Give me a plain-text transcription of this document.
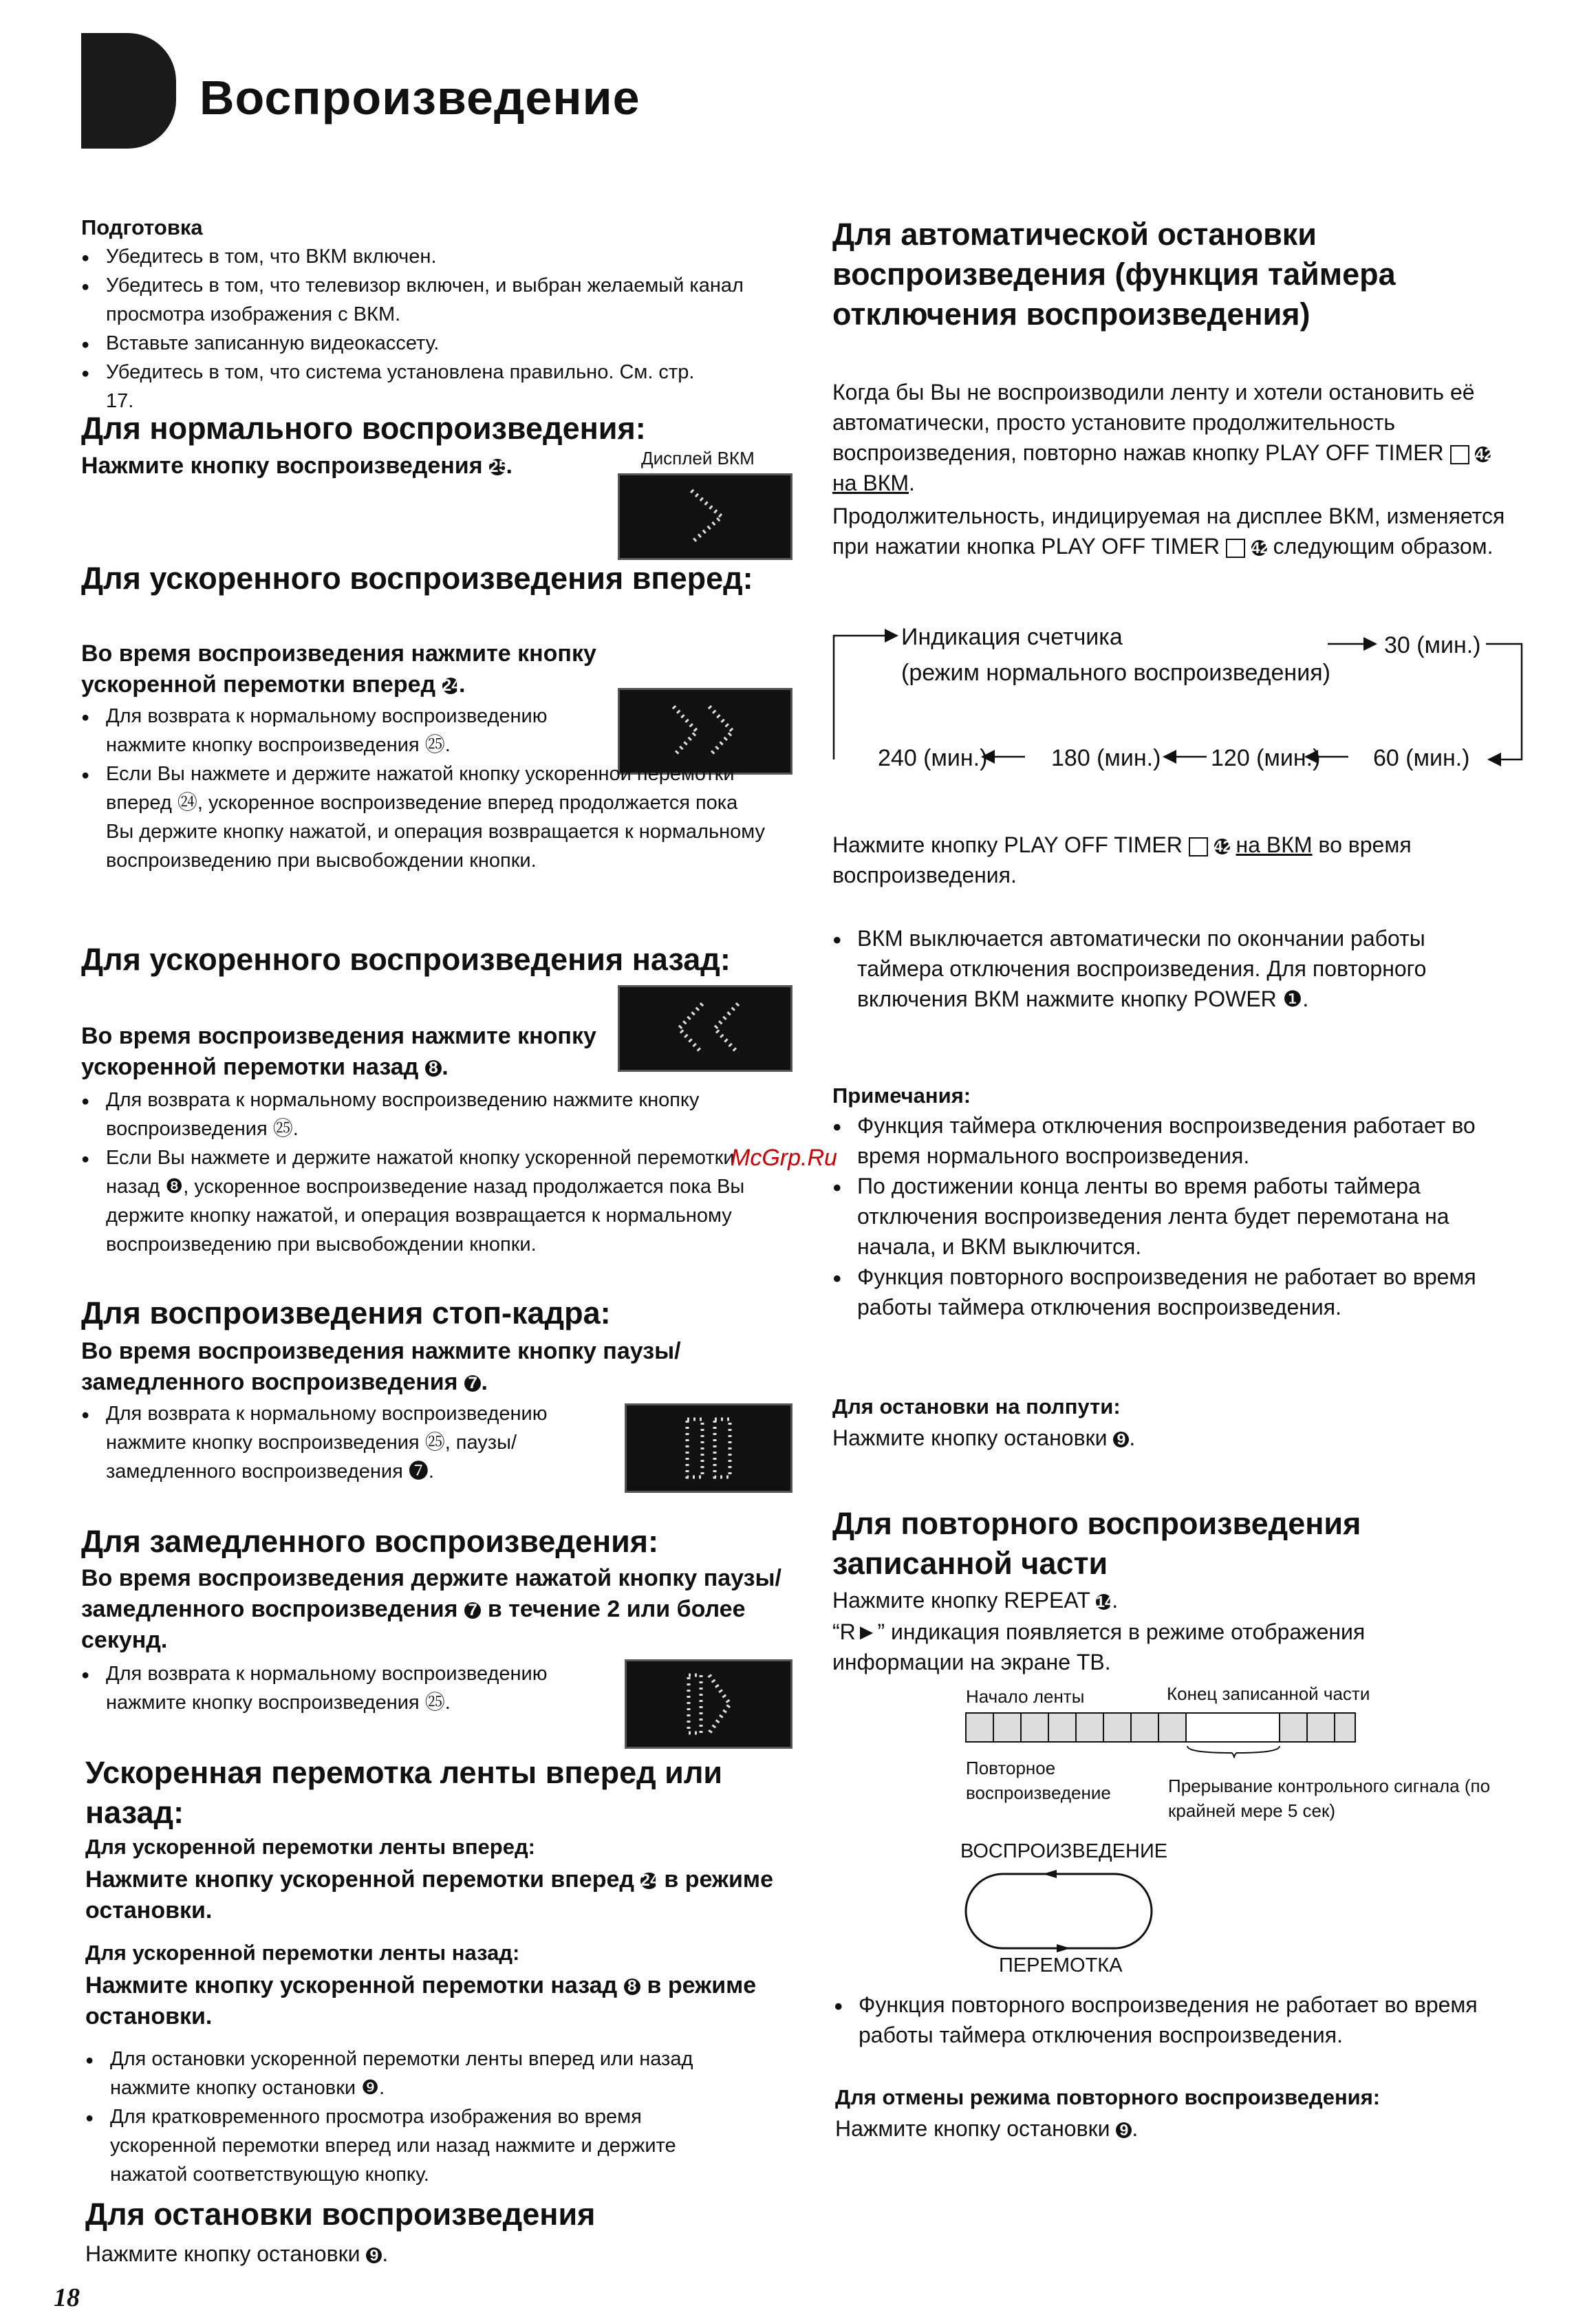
Воспроизведение
Подготовка
● Убедитесь в том, что ВКМ включен.
● Убедитесь в том, что телевизор включен, и выбран желаемый канал просмотра изображения с ВКМ.
● Вставьте записанную видеокассету.
● Убедитесь в том, что система установлена правильно. См. стр. 17.
Для нормального воспроизведения:
Нажмите кнопку воспроизведения 25.	Дисплей ВКМ
Для ускоренного воспроизведения вперед:
Во время воспроизведения нажмите кнопку ускоренной перемотки вперед 24.
● Для возврата к нормальному воспроизведению нажмите кнопку воспроизведения ㉕.
● Если Вы нажмете и держите нажатой кнопку ускоренной перемотки вперед ㉔, ускоренное воспроизведение вперед продолжается пока Вы держите кнопку нажатой, и операция возвращается к нормальному воспроизведению при высвобождении кнопки.
Для ускоренного воспроизведения назад:
Во время воспроизведения нажмите кнопку ускоренной перемотки назад 8 .
● Для возврата к нормальному воспроизведению нажмите кнопку воспроизведения ㉕.
● Если Вы нажмете и держите нажатой кнопку ускоренной перемотки назад ❽, ускоренное воспроизведение назад продолжается пока Вы держите кнопку нажатой, и операция возвращается к нормальному воспроизведению при высвобождении кнопки.
Для воспроизведения стоп-кадра:
Во время воспроизведения нажмите кнопку паузы/замедленного воспроизведения 7 .
● Для возврата к нормальному воспроизведению нажмите кнопку воспроизведения ㉕, паузы/замедленного воспроизведения ❼.
Для замедленного воспроизведения:
Во время воспроизведения держите нажатой кнопку паузы/замедленного воспроизведения 7 в течение 2 или более секунд.
● Для возврата к нормальному воспроизведению нажмите кнопку воспроизведения ㉕.
Ускоренная перемотка ленты вперед или назад:
Для ускоренной перемотки ленты вперед:
Нажмите кнопку ускоренной перемотки вперед 24 в режиме остановки.
Для ускоренной перемотки ленты назад:
Нажмите кнопку ускоренной перемотки назад 8 в режиме остановки.
● Для остановки ускоренной перемотки ленты вперед или назад нажмите кнопку остановки ❾.
● Для кратковременного просмотра изображения во время ускоренной перемотки вперед или назад нажмите и держите нажатой соответствующую кнопку.
Для остановки воспроизведения
Нажмите кнопку остановки 9 .
18
Для автоматической остановки воспроизведения (функция таймера отключения воспроизведения)
Когда бы Вы не воспроизводили ленту и хотели остановить её автоматически, просто установите продолжительность воспроизведения, повторно нажав кнопку PLAY OFF TIMER 42 на ВКМ.
Продолжительность, индицируемая на дисплее ВКМ, изменяется при нажатии кнопка PLAY OFF TIMER 42 следующим образом.
Индикация счетчика
(режим нормального воспроизведения)
30 (мин.)
240 (мин.)	180 (мин.) 120 (мин.) 60 (мин.)
Нажмите кнопку PLAY OFF TIMER 42 на ВКМ во время воспроизведения.
● ВКМ выключается автоматически по окончании работы таймера отключения воспроизведения. Для повторного включения ВКМ нажмите кнопку POWER ❶.
Примечания:
McGrp.Ru
● Функция таймера отключения воспроизведения работает во время нормального воспроизведения.
● По достижении конца ленты во время работы таймера отключения воспроизведения лента будет перемотана на начала, и ВКМ выключится.
● Функция повторного воспроизведения не работает во время работы таймера отключения воспроизведения.
Для остановки на полпути:
Нажмите кнопку остановки 9 .
Для повторного воспроизведения записанной части
Нажмите кнопку REPEAT 14.
“R►” индикация появляется в режиме отображения информации на экране ТВ.
Начало ленты	Конец записанной части
Повторное воспроизведение	Прерывание контрольного сигнала (по крайней мере 5 сек)
ВОСПРОИЗВЕДЕНИЕ
ПЕРЕМОТКА
● Функция повторного воспроизведения не работает во время работы таймера отключения воспроизведения.
Для отмены режима повторного воспроизведения:
Нажмите кнопку остановки 9 .
